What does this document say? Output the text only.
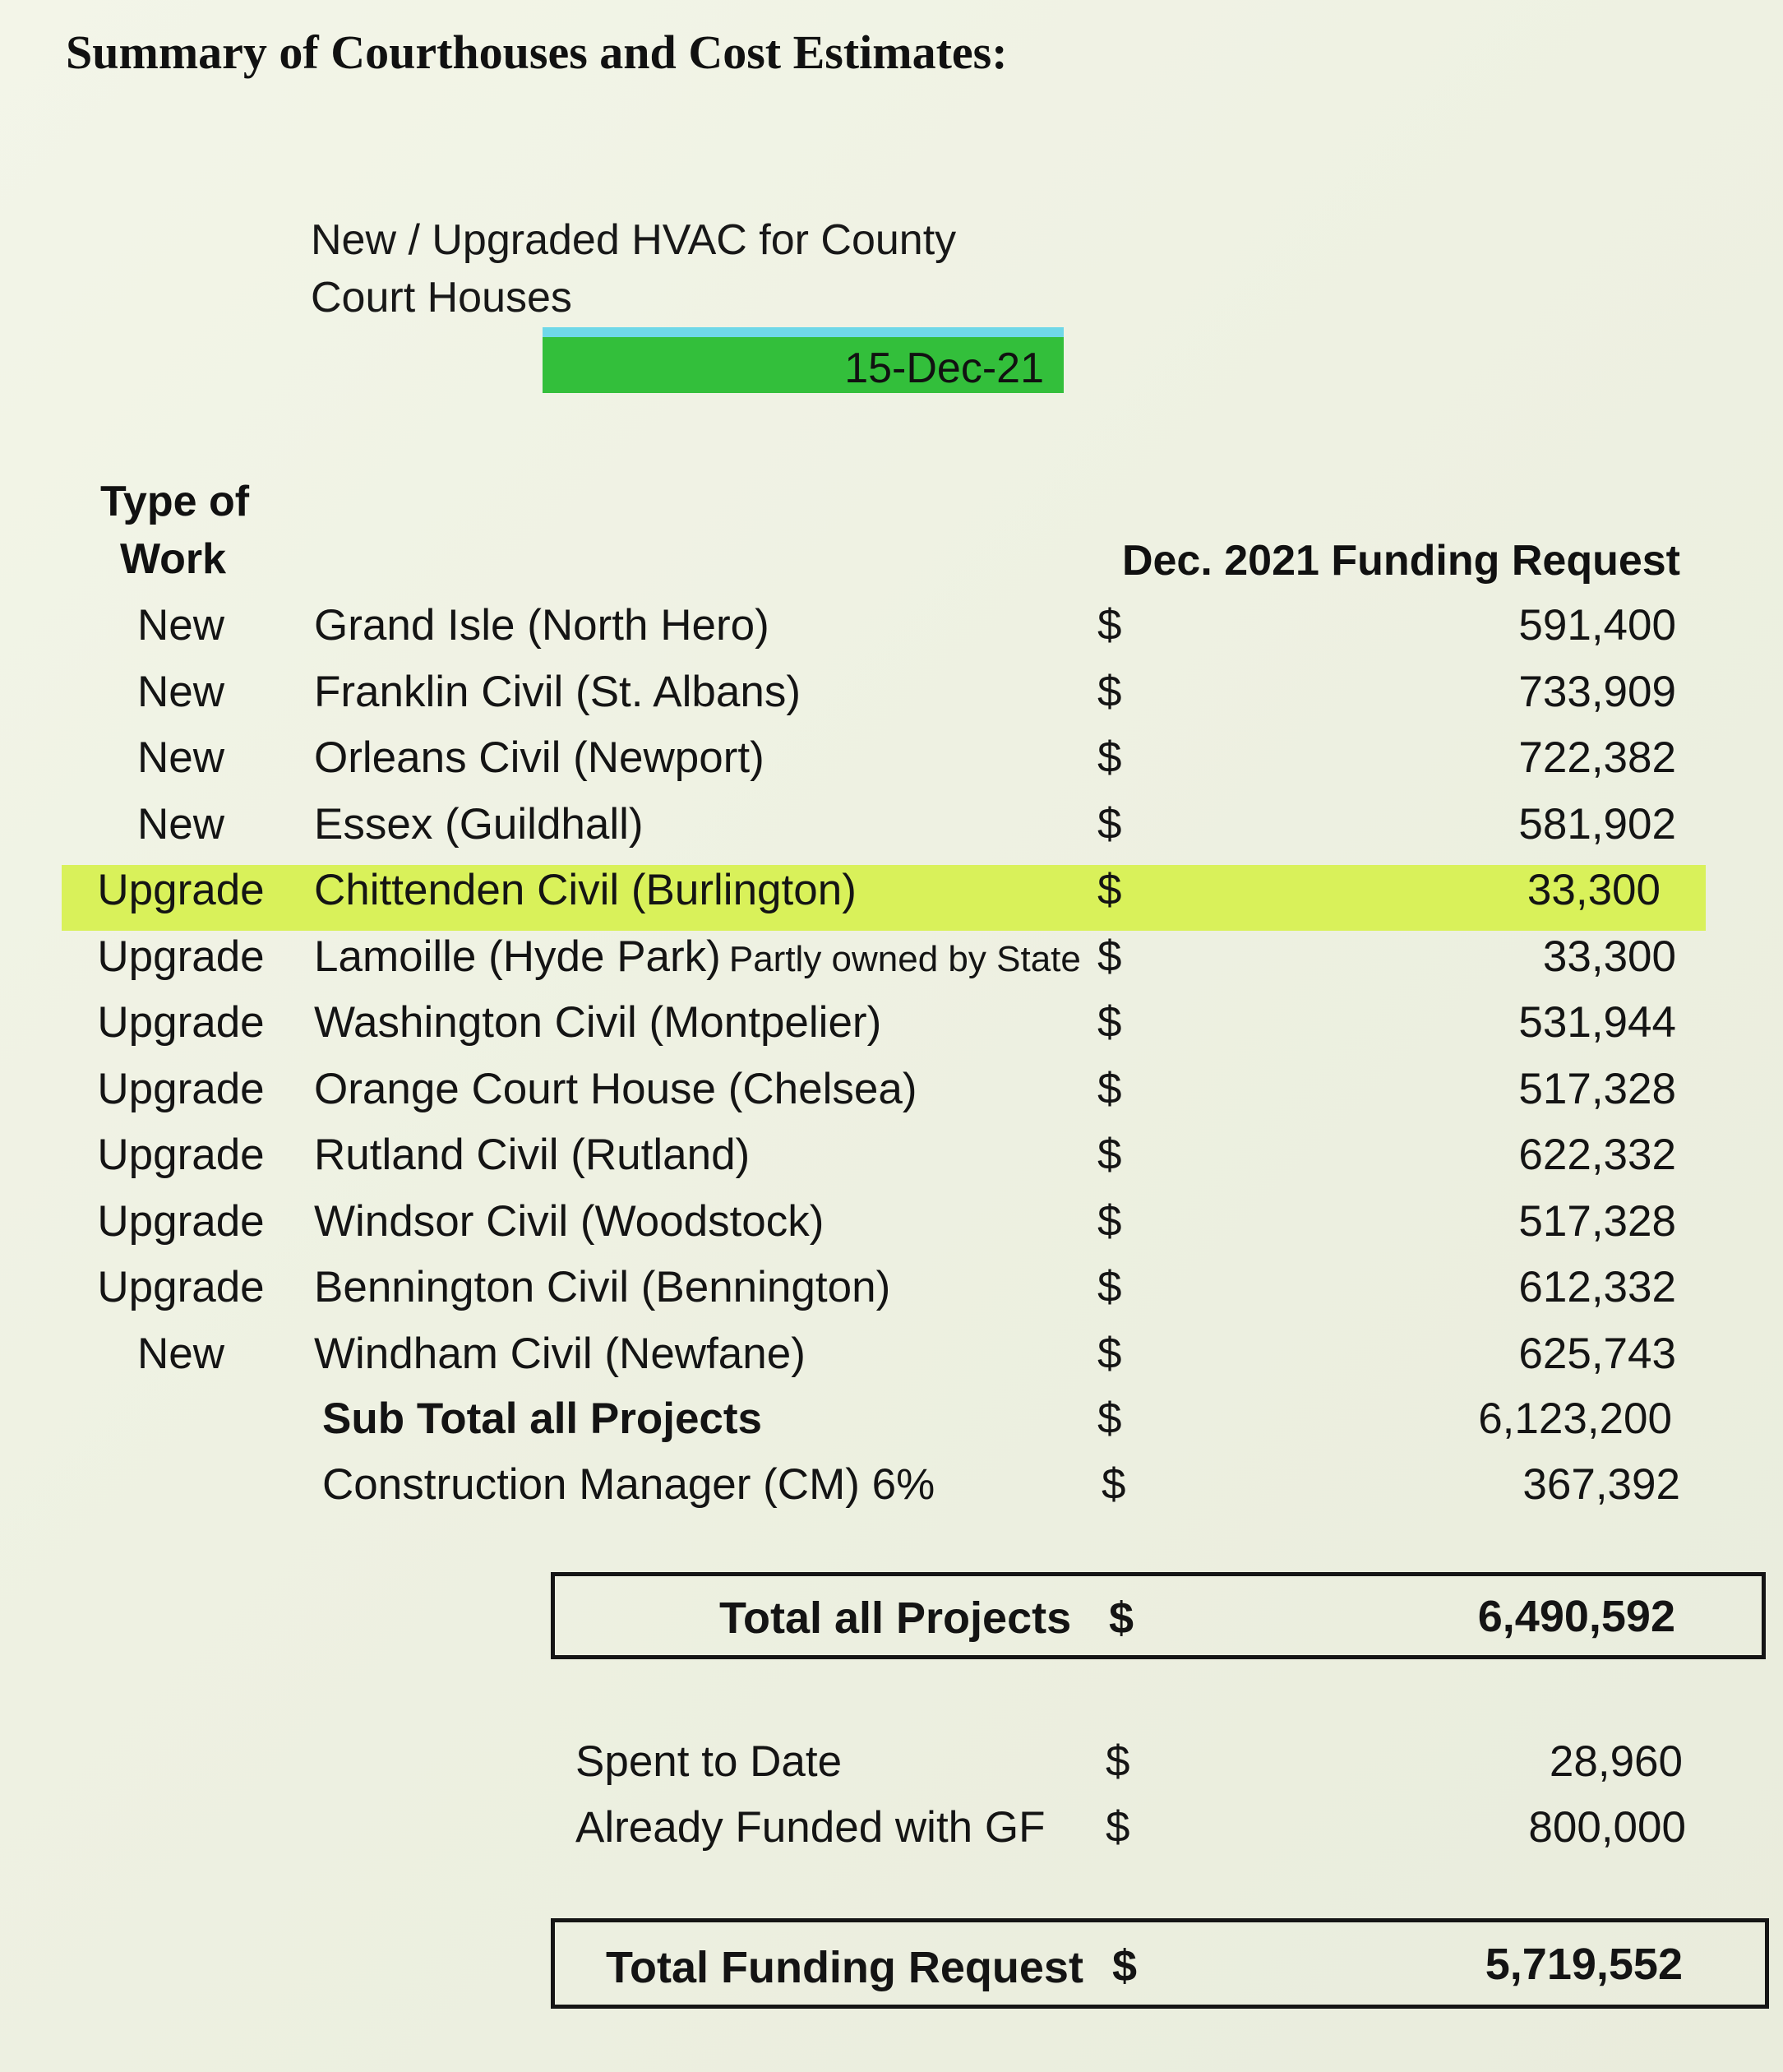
Summary of Courthouses and Cost Estimates:
New / Upgraded HVAC for County
Court Houses
15-Dec-21
Type of
Work	Dec. 2021 Funding Request
New	Grand Isle (North Hero)	$	591,400
New	Franklin Civil (St. Albans)	$	733,909
New	Orleans Civil (Newport)	$	722,382
New	Essex (Guildhall)	$	581,902
Upgrade	Chittenden Civil (Burlington)	$	33,300
Upgrade	Lamoille (Hyde Park) Partly owned by State $	33,300
Upgrade	Washington Civil (Montpelier)	$	531,944
Upgrade	Orange Court House (Chelsea)	$	517,328
Upgrade	Rutland Civil (Rutland)	$	622,332
Upgrade	Windsor Civil (Woodstock)	$	517,328
Upgrade	Bennington Civil (Bennington)	$	612,332
New	Windham Civil (Newfane)	$	625,743
Sub Total all Projects	$	6,123,200
Construction Manager (CM) 6%	$	367,392
Total all Projects $	6,490,592
Spent to Date	$	28,960
Already Funded with GF $	800,000
Total Funding Request $	5,719,552
